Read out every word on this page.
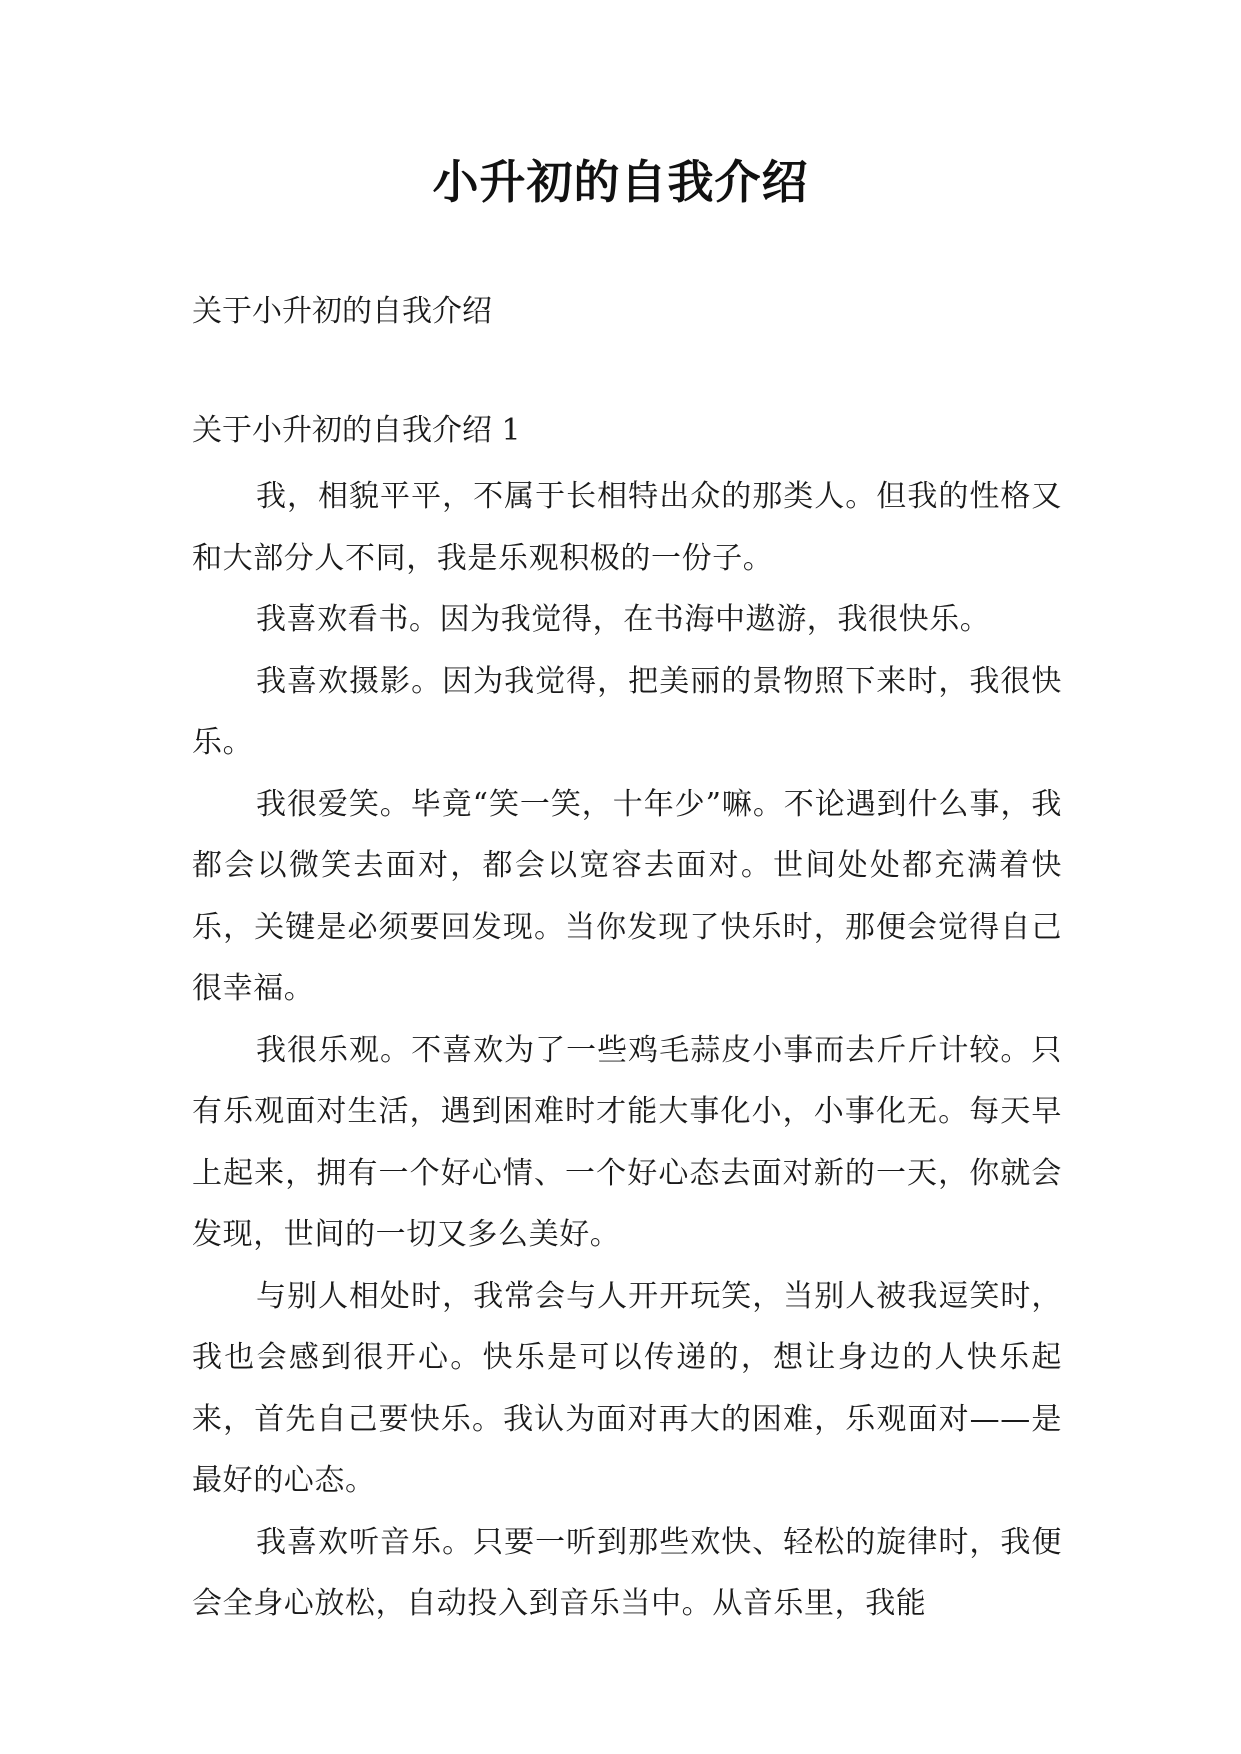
小升初的自我介绍
关于小升初的自我介绍
关于小升初的自我介绍 1

我，相貌平平，不属于长相特出众的那类人。但我的性格又和大部分人不同，我是乐观积极的一份子。

我喜欢看书。因为我觉得，在书海中遨游，我很快乐。

我喜欢摄影。因为我觉得，把美丽的景物照下来时，我很快乐。

我很爱笑。毕竟“笑一笑，十年少”嘛。不论遇到什么事，我都会以微笑去面对，都会以宽容去面对。世间处处都充满着快乐，关键是必须要回发现。当你发现了快乐时，那便会觉得自己很幸福。

我很乐观。不喜欢为了一些鸡毛蒜皮小事而去斤斤计较。只有乐观面对生活，遇到困难时才能大事化小，小事化无。每天早上起来，拥有一个好心情、一个好心态去面对新的一天，你就会发现，世间的一切又多么美好。

与别人相处时，我常会与人开开玩笑，当别人被我逗笑时，我也会感到很开心。快乐是可以传递的，想让身边的人快乐起来，首先自己要快乐。我认为面对再大的困难，乐观面对——是最好的心态。

我喜欢听音乐。只要一听到那些欢快、轻松的旋律时，我便会全身心放松，自动投入到音乐当中。从音乐里，我能
